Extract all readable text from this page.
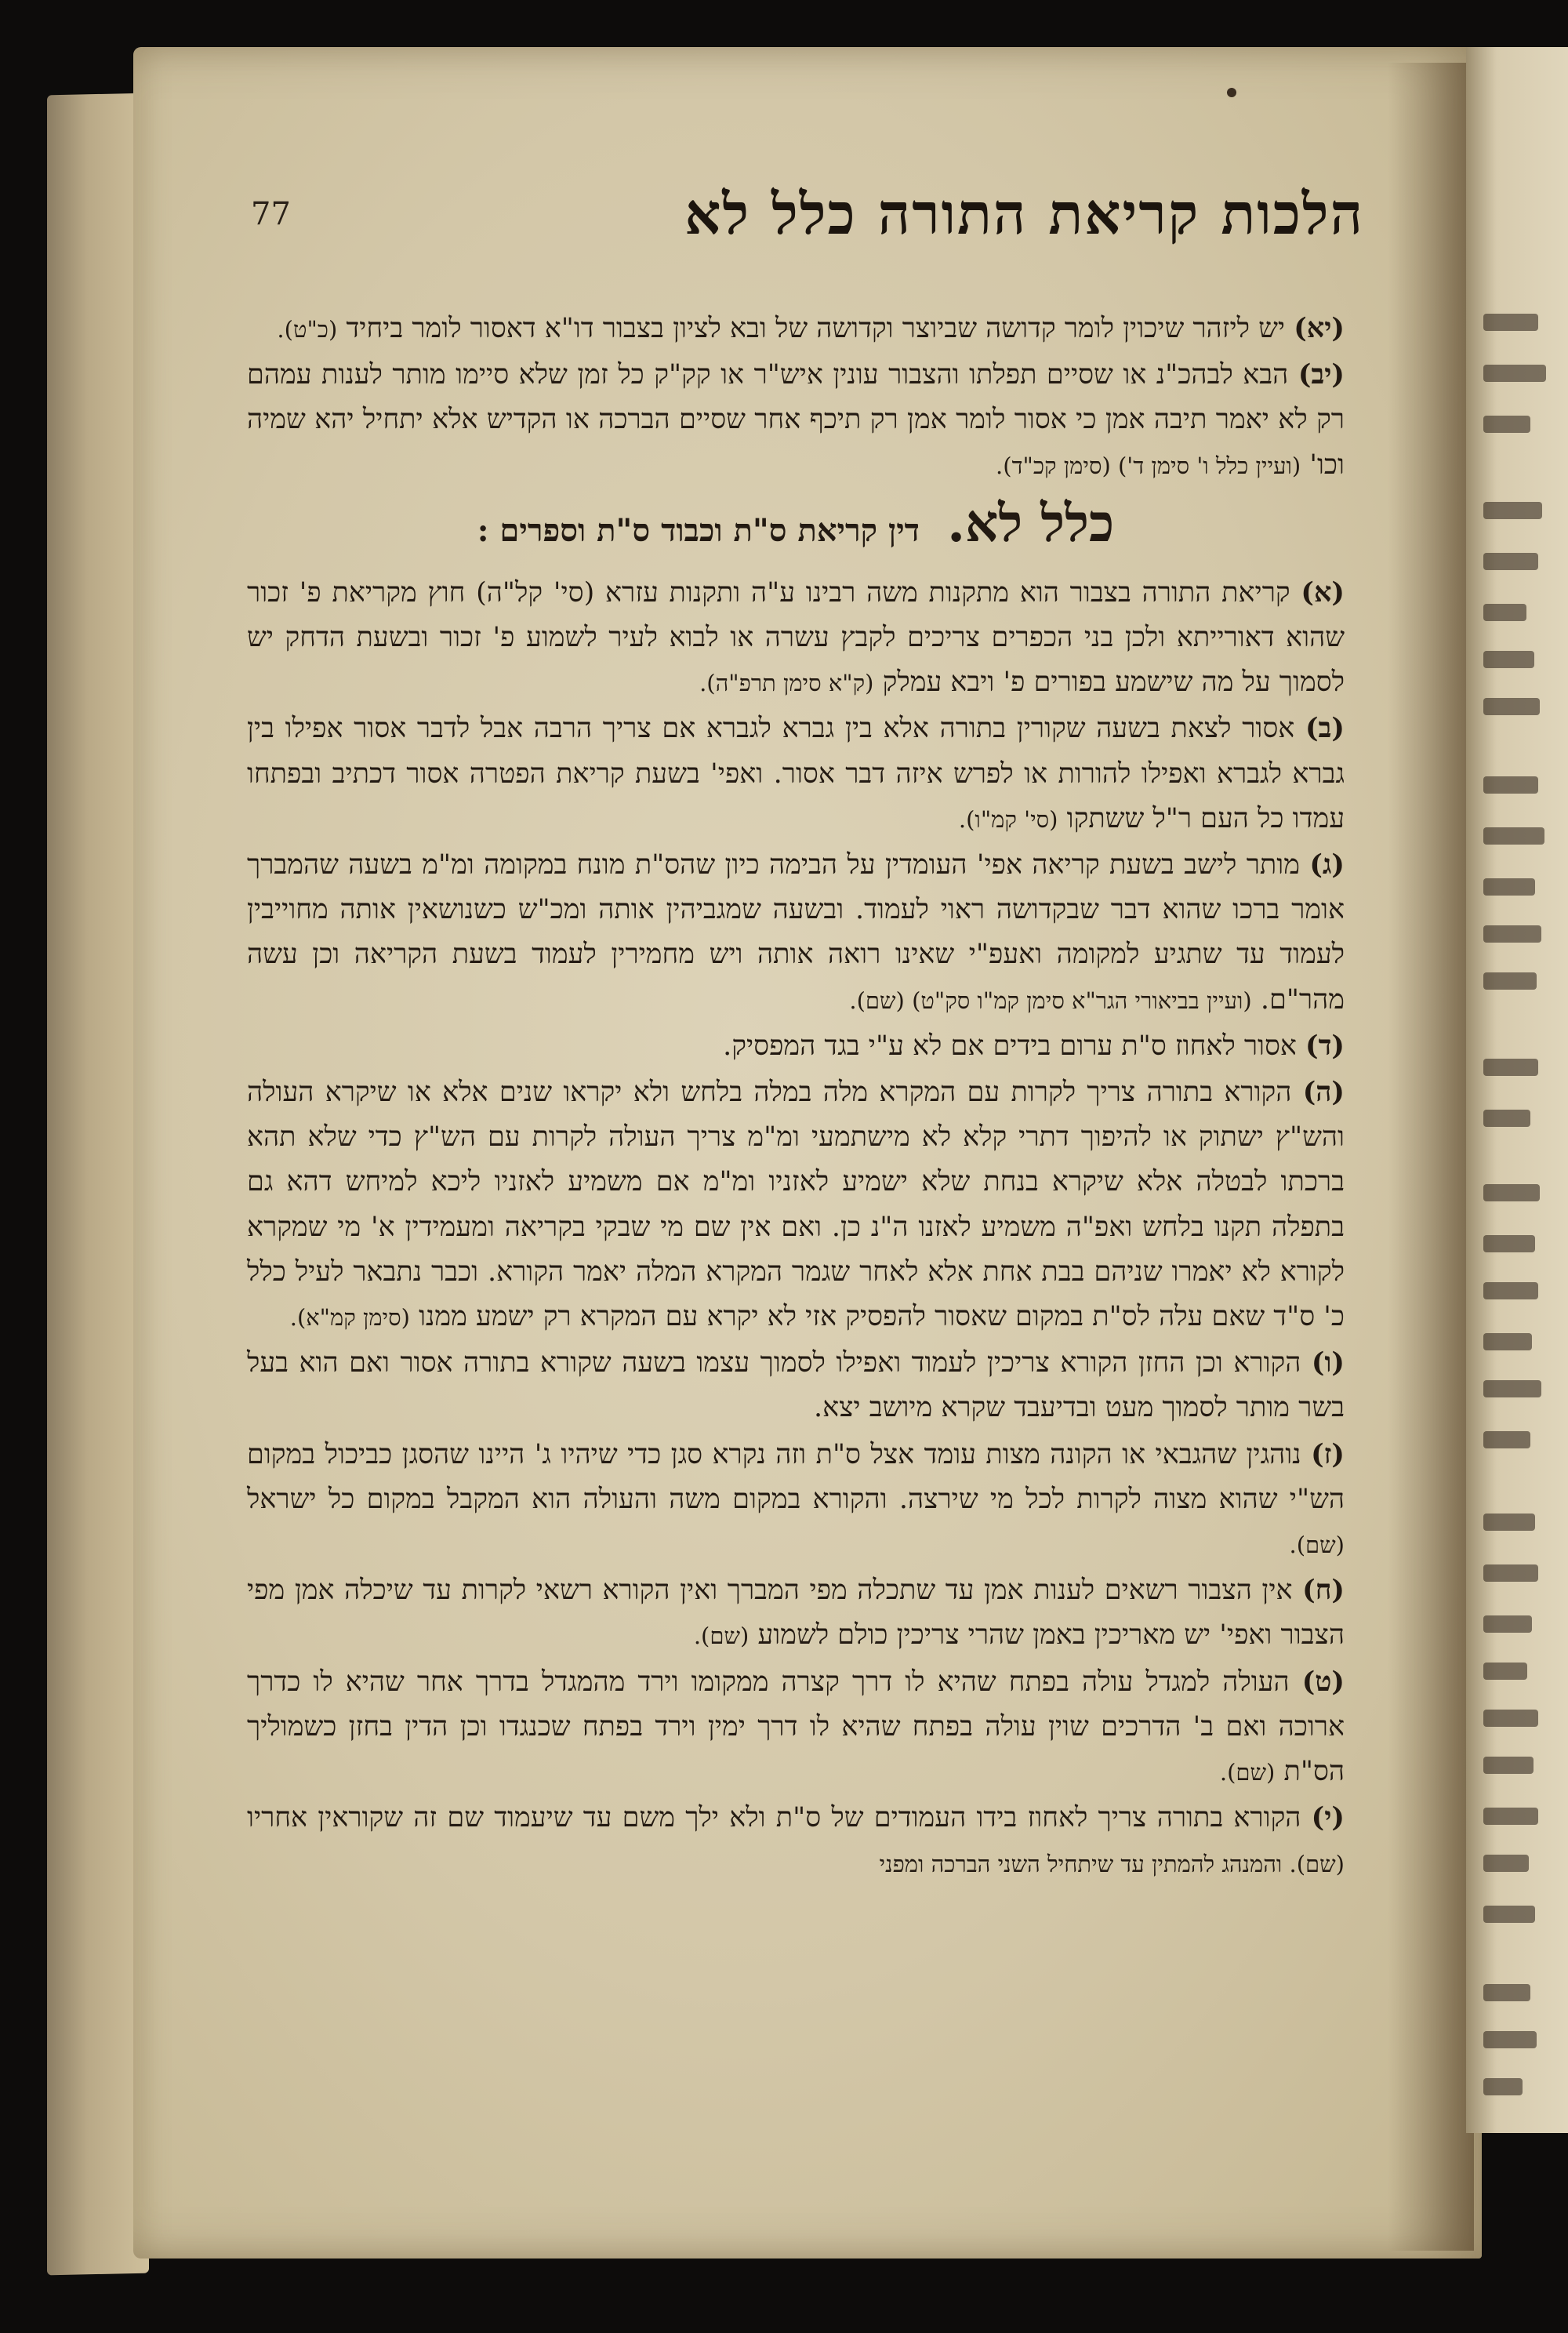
77	הלכות קריאת התורה כלל לא

(יא) יש ליזהר שיכוין לומר קדושה שביוצר וקדושה של ובא לציון בצבור דו"א דאסור לומר ביחיד (כ"ט).

(יב) הבא לבהכ"נ או שסיים תפלתו והצבור עונין איש"ר או קק"ק כל זמן שלא סיימו מותר לענות עמהם רק לא יאמר תיבה אמן כי אסור לומר אמן רק תיכף אחר שסיים הברכה או הקדיש אלא יתחיל יהא שמיה וכו' (ועיין כלל ו' סימן ד') (סימן קכ"ד).

כלל לא. דין קריאת ס"ת וכבוד ס"ת וספרים :

(א) קריאת התורה בצבור הוא מתקנות משה רבינו ע"ה ותקנות עזרא (סי' קל"ה) חוץ מקריאת פ' זכור שהוא דאורייתא ולכן בני הכפרים צריכים לקבץ עשרה או לבוא לעיר לשמוע פ' זכור ובשעת הדחק יש לסמוך על מה שישמע בפורים פ' ויבא עמלק (ק"א סימן תרפ"ה).

(ב) אסור לצאת בשעה שקורין בתורה אלא בין גברא לגברא אם צריך הרבה אבל לדבר אסור אפילו בין גברא לגברא ואפילו להורות או לפרש איזה דבר אסור. ואפי' בשעת קריאת הפטרה אסור דכתיב ובפתחו עמדו כל העם ר"ל ששתקו (סי' קמ"ו).

(ג) מותר לישב בשעת קריאה אפי' העומדין על הבימה כיון שהס"ת מונח במקומה ומ"מ בשעה שהמברך אומר ברכו שהוא דבר שבקדושה ראוי לעמוד. ובשעה שמגביהין אותה ומכ"ש כשנושאין אותה מחוייבין לעמוד עד שתגיע למקומה ואעפ"י שאינו רואה אותה ויש מחמירין לעמוד בשעת הקריאה וכן עשה מהר"ם. (ועיין בביאורי הגר"א סימן קמ"ו סק"ט) (שם).

(ד) אסור לאחוז ס"ת ערום בידים אם לא ע"י בגד המפסיק.

(ה) הקורא בתורה צריך לקרות עם המקרא מלה במלה בלחש ולא יקראו שנים אלא או שיקרא העולה והש"ץ ישתוק או להיפוך דתרי קלא לא מישתמעי ומ"מ צריך העולה לקרות עם הש"ץ כדי שלא תהא ברכתו לבטלה אלא שיקרא בנחת שלא ישמיע לאזניו ומ"מ אם משמיע לאזניו ליכא למיחש דהא גם בתפלה תקנו בלחש ואפ"ה משמיע לאזנו ה"נ כן. ואם אין שם מי שבקי בקריאה ומעמידין א' מי שמקרא לקורא לא יאמרו שניהם בבת אחת אלא לאחר שגמר המקרא המלה יאמר הקורא. וכבר נתבאר לעיל כלל כ' ס"ד שאם עלה לס"ת במקום שאסור להפסיק אזי לא יקרא עם המקרא רק ישמע ממנו (סימן קמ"א).

(ו) הקורא וכן החזן הקורא צריכין לעמוד ואפילו לסמוך עצמו בשעה שקורא בתורה אסור ואם הוא בעל בשר מותר לסמוך מעט ובדיעבד שקרא מיושב יצא.

(ז) נוהגין שהגבאי או הקונה מצות עומד אצל ס"ת וזה נקרא סגן כדי שיהיו ג' היינו שהסגן כביכול במקום הש"י שהוא מצוה לקרות לכל מי שירצה. והקורא במקום משה והעולה הוא המקבל במקום כל ישראל (שם).

(ח) אין הצבור רשאים לענות אמן עד שתכלה מפי המברך ואין הקורא רשאי לקרות עד שיכלה אמן מפי הצבור ואפי' יש מאריכין באמן שהרי צריכין כולם לשמוע (שם).

(ט) העולה למגדל עולה בפתח שהיא לו דרך קצרה ממקומו וירד מהמגדל בדרך אחר שהיא לו כדרך ארוכה ואם ב' הדרכים שוין עולה בפתח שהיא לו דרך ימין וירד בפתח שכנגדו וכן הדין בחזן כשמוליך הס"ת (שם).

(י) הקורא בתורה צריך לאחוז בידו העמודים של ס"ת ולא ילך משם עד שיעמוד שם זה שקוראין אחריו (שם). והמנהג להמתין עד שיתחיל השני הברכה ומפני
